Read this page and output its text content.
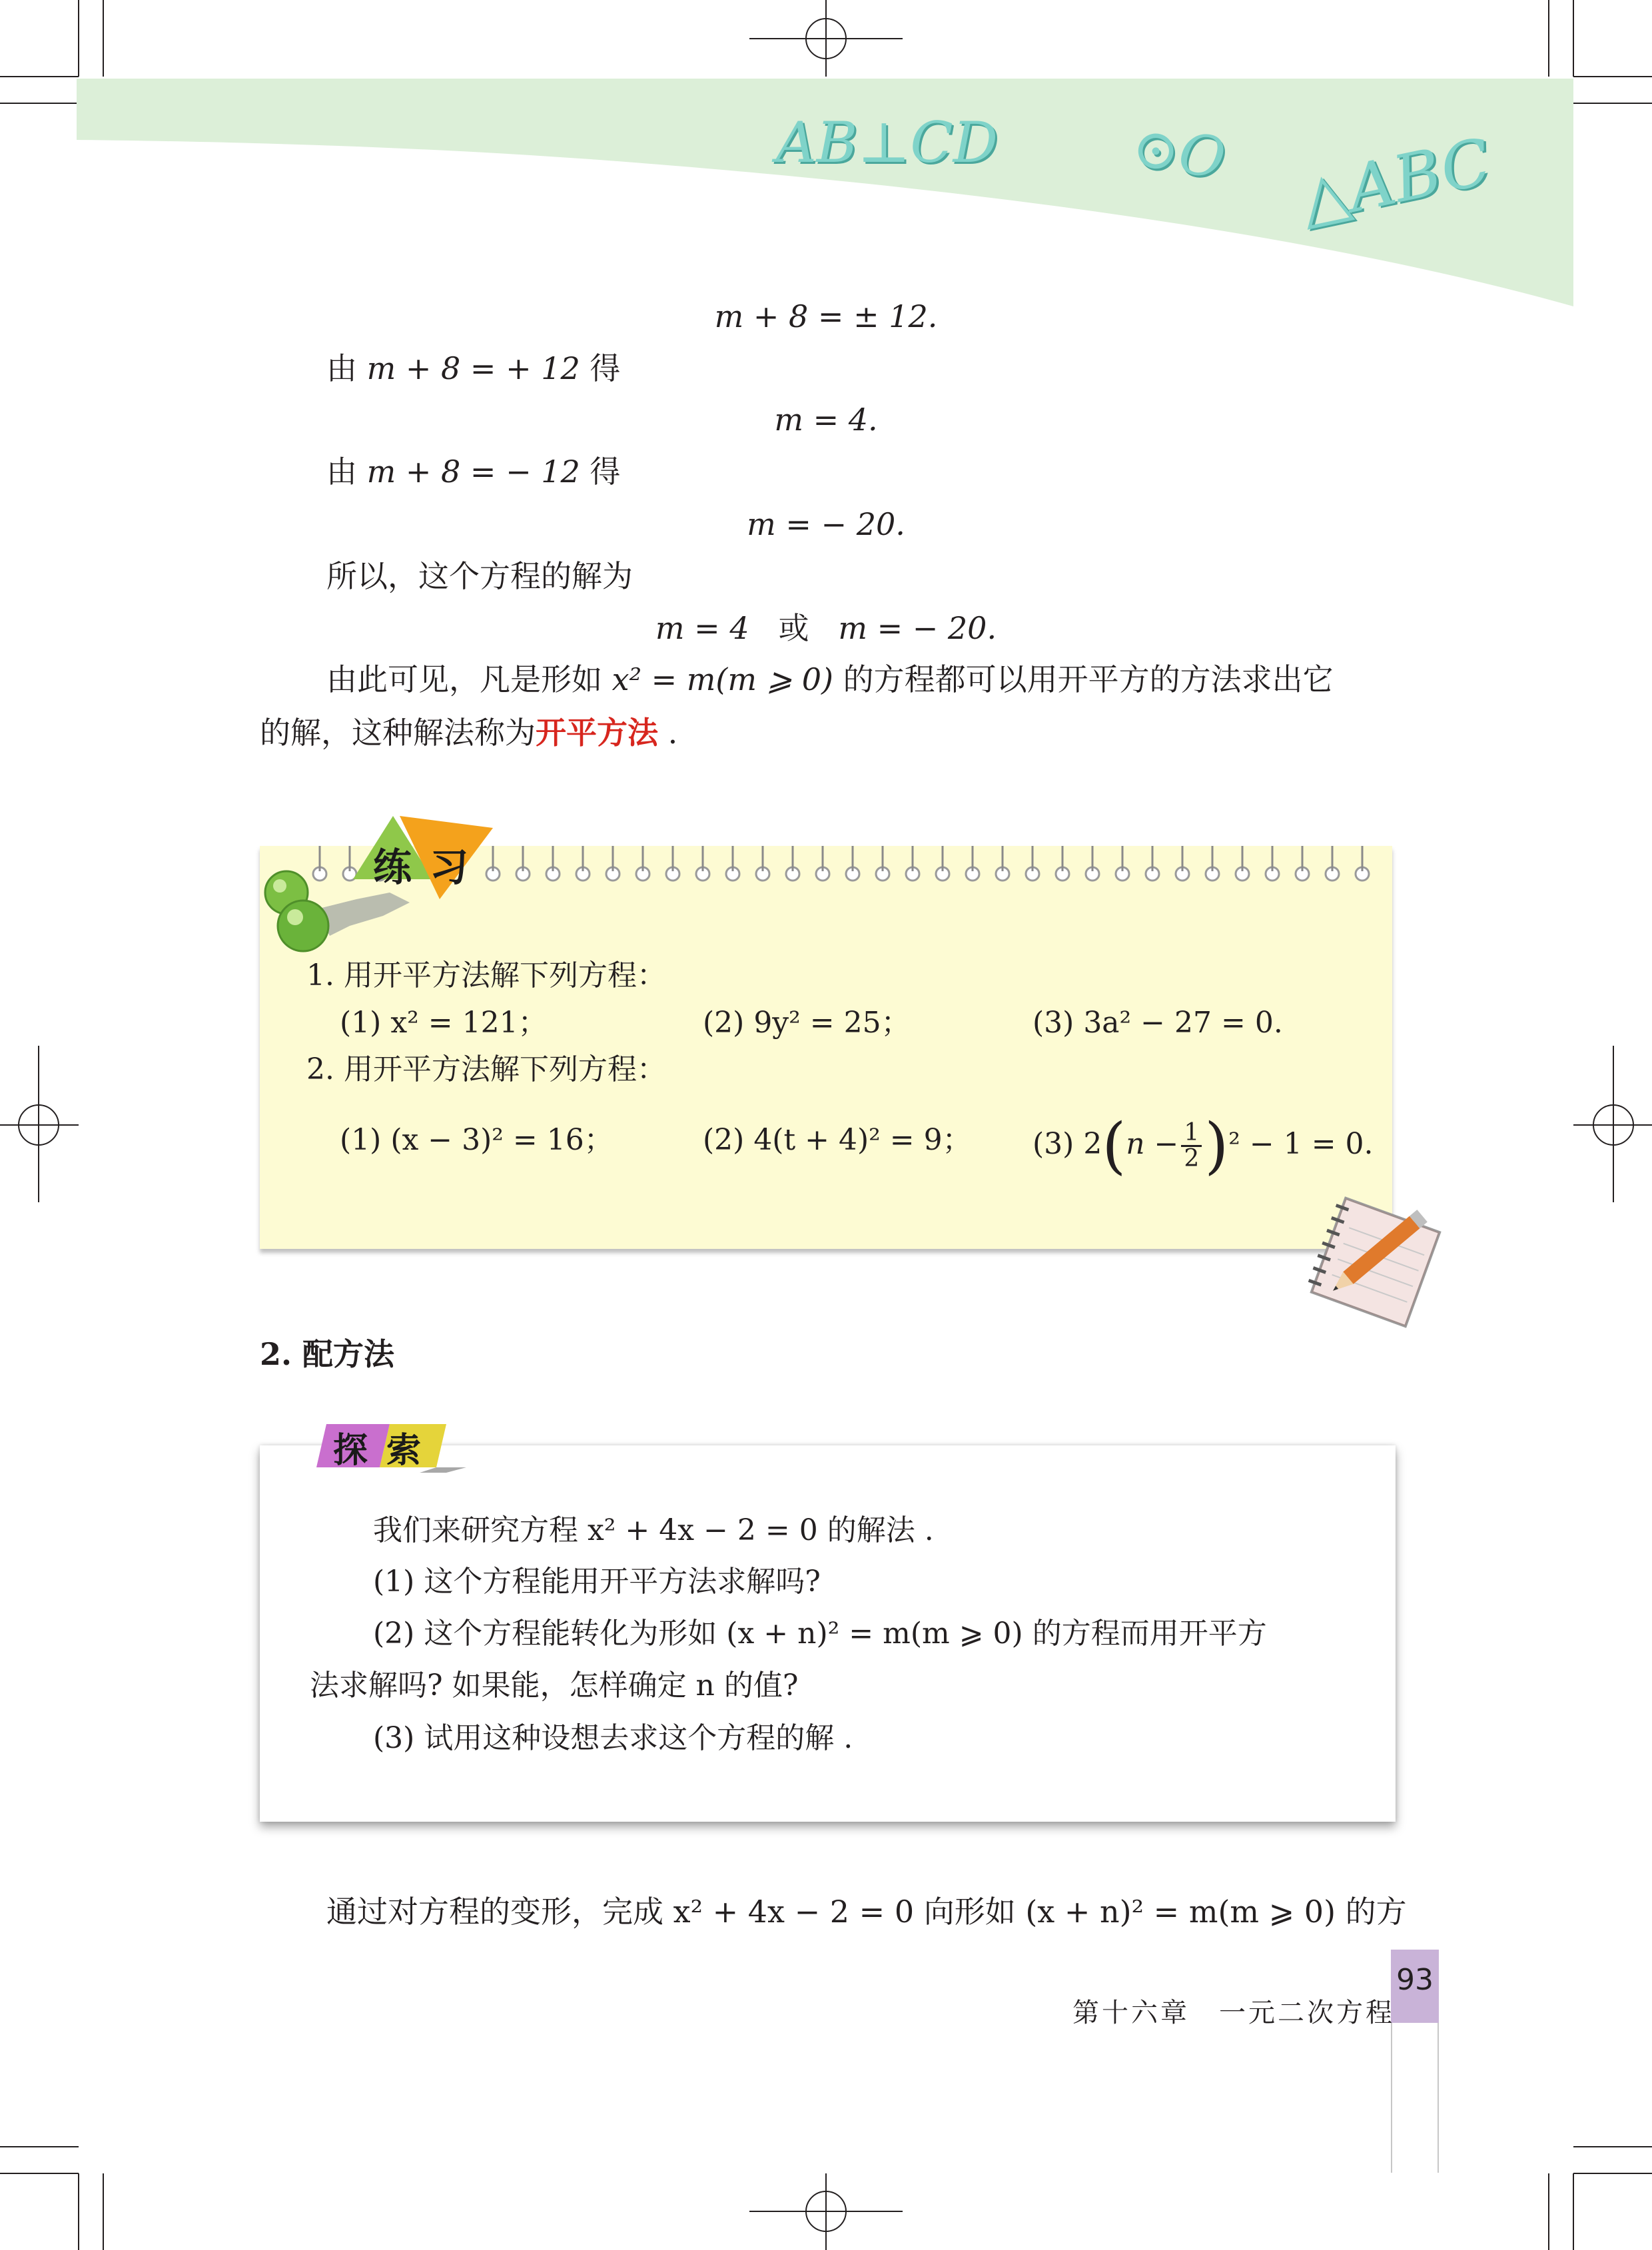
AB⊥CD ⊙O △ABC
m + 8 = ± 12.
由 m + 8 = + 12 得
m = 4.
由 m + 8 = − 12 得
m = − 20.
所以，这个方程的解为
m = 4 或 m = − 20.
由此可见，凡是形如 x² = m(m ⩾ 0) 的方程都可以用开平方的方法求出它
的解，这种解法称为开平方法 .
练 习
1. 用开平方法解下列方程：
(1) x² = 121；	(2) 9y² = 25；	(3) 3a² − 27 = 0.
2. 用开平方法解下列方程：
(1) (x − 3)² = 16；	(2) 4(t + 4)² = 9； (3) $2(n - \frac{1}{2} )^2 - 1 = 0$.
2. 配方法
探 索
我们来研究方程 x² + 4x − 2 = 0 的解法 .
(1) 这个方程能用开平方法求解吗?
(2) 这个方程能转化为形如 (x + n)² = m(m ⩾ 0) 的方程而用开平方
法求解吗? 如果能，怎样确定 n 的值?
(3) 试用这种设想去求这个方程的解 .
通过对方程的变形，完成 x² + 4x − 2 = 0 向形如 (x + n)² = m(m ⩾ 0) 的方
93
第十六章　一元二次方程
